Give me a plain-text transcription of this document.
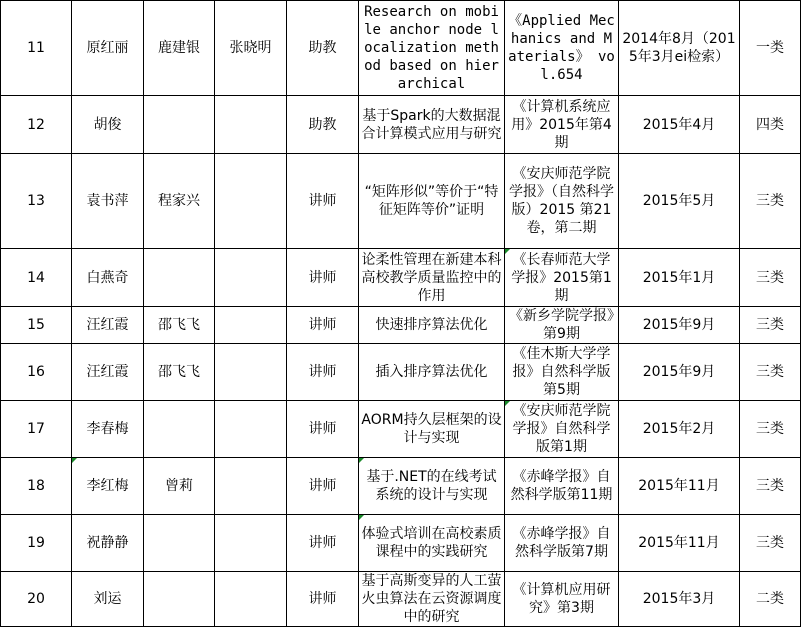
11	原红丽	鹿建银	张晓明	助教	Research on mobile anchor node localization method based on hierarchical	《Applied Mechanics and Materials》 vol.654	2014年8月（2015年3月ei检索）	一类
12	胡俊			助教	基于Spark的大数据混合计算模式应用与研究	《计算机系统应用》2015年第4期	2015年4月	四类
13	袁书萍	程家兴		讲师	“矩阵形似”等价于“特征矩阵等价”证明	《安庆师范学院学报》（自然科学版）2015 第21卷，第二期	2015年5月	三类
14	白燕奇			讲师	论柔性管理在新建本科高校教学质量监控中的作用	《长春师范大学学报》2015第1期	2015年1月	三类
15	汪红霞	邵飞飞		讲师	快速排序算法优化	《新乡学院学报》第9期	2015年9月	三类
16	汪红霞	邵飞飞		讲师	插入排序算法优化	《佳木斯大学学报》自然科学版第5期	2015年9月	三类
17	李春梅			讲师	AORM持久层框架的设计与实现	《安庆师范学院学报》自然科学版第1期	2015年2月	三类
18	李红梅	曾莉		讲师	基于.NET的在线考试系统的设计与实现	《赤峰学报》自然科学版第11期	2015年11月	三类
19	祝静静			讲师	体验式培训在高校素质课程中的实践研究	《赤峰学报》自然科学版第7期	2015年11月	三类
20	刘运			讲师	基于高斯变异的人工萤火虫算法在云资源调度中的研究	《计算机应用研究》第3期	2015年3月	二类
